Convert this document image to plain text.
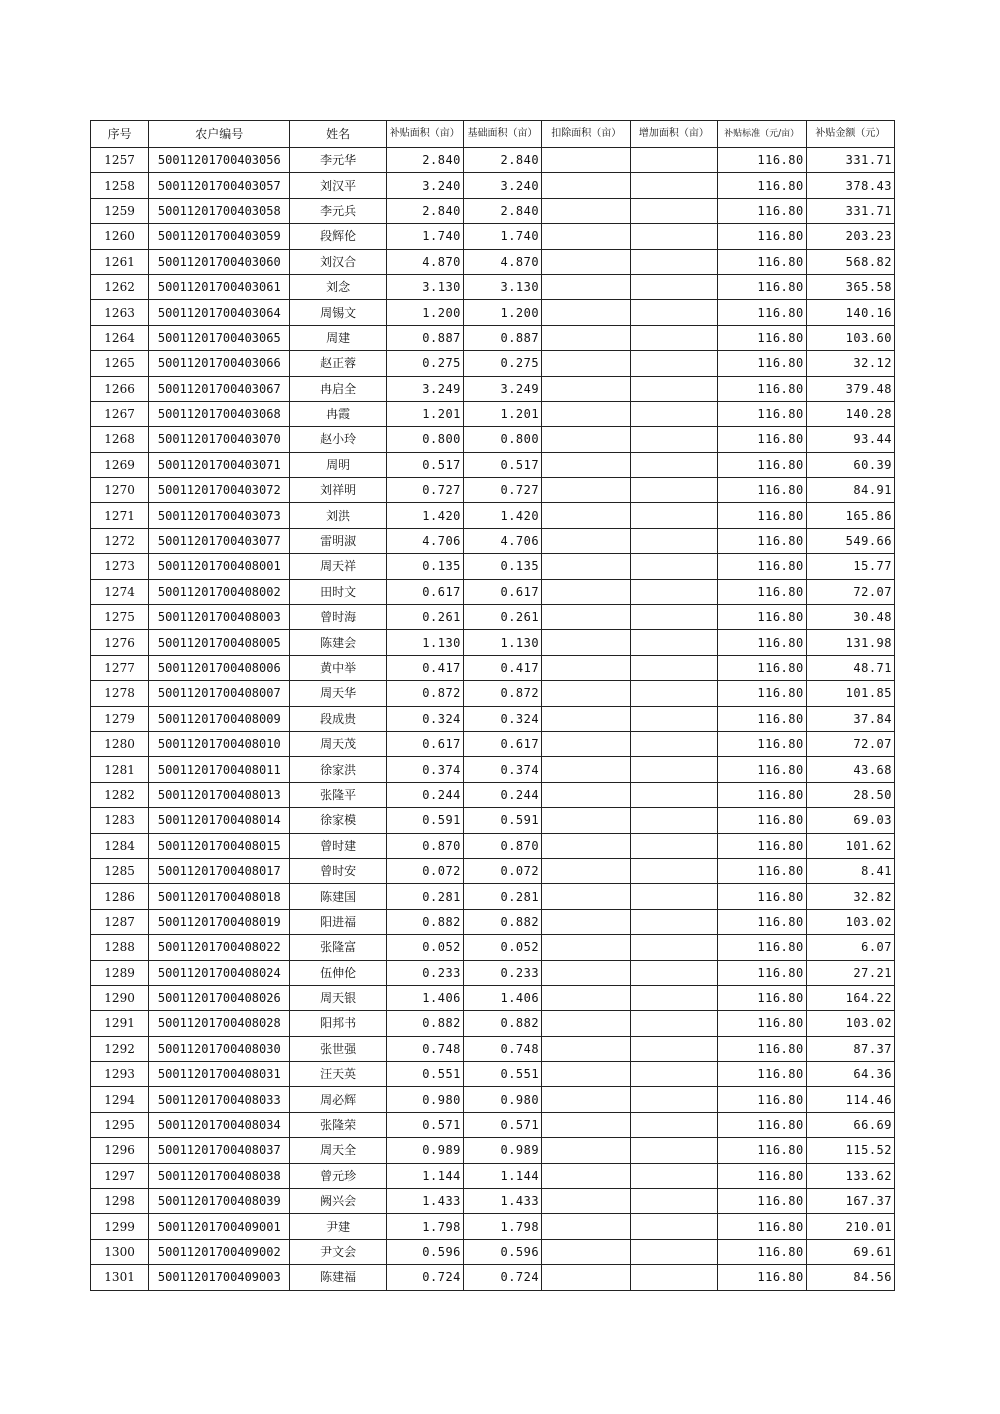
序号	农户编号	姓名	补贴面积（亩）	基础面积（亩）	扣除面积（亩）	增加面积（亩）	补贴标准（元/亩）	补贴金额（元）
1257	50011201700403056	李元华	2.840	2.840			116.80	331.71
1258	50011201700403057	刘汉平	3.240	3.240			116.80	378.43
1259	50011201700403058	李元兵	2.840	2.840			116.80	331.71
1260	50011201700403059	段辉伦	1.740	1.740			116.80	203.23
1261	50011201700403060	刘汉合	4.870	4.870			116.80	568.82
1262	50011201700403061	刘念	3.130	3.130			116.80	365.58
1263	50011201700403064	周锡文	1.200	1.200			116.80	140.16
1264	50011201700403065	周建	0.887	0.887			116.80	103.60
1265	50011201700403066	赵正蓉	0.275	0.275			116.80	32.12
1266	50011201700403067	冉启全	3.249	3.249			116.80	379.48
1267	50011201700403068	冉霞	1.201	1.201			116.80	140.28
1268	50011201700403070	赵小玲	0.800	0.800			116.80	93.44
1269	50011201700403071	周明	0.517	0.517			116.80	60.39
1270	50011201700403072	刘祥明	0.727	0.727			116.80	84.91
1271	50011201700403073	刘洪	1.420	1.420			116.80	165.86
1272	50011201700403077	雷明淑	4.706	4.706			116.80	549.66
1273	50011201700408001	周天祥	0.135	0.135			116.80	15.77
1274	50011201700408002	田时文	0.617	0.617			116.80	72.07
1275	50011201700408003	曾时海	0.261	0.261			116.80	30.48
1276	50011201700408005	陈建会	1.130	1.130			116.80	131.98
1277	50011201700408006	黄中举	0.417	0.417			116.80	48.71
1278	50011201700408007	周天华	0.872	0.872			116.80	101.85
1279	50011201700408009	段成贵	0.324	0.324			116.80	37.84
1280	50011201700408010	周天茂	0.617	0.617			116.80	72.07
1281	50011201700408011	徐家洪	0.374	0.374			116.80	43.68
1282	50011201700408013	张隆平	0.244	0.244			116.80	28.50
1283	50011201700408014	徐家模	0.591	0.591			116.80	69.03
1284	50011201700408015	曾时建	0.870	0.870			116.80	101.62
1285	50011201700408017	曾时安	0.072	0.072			116.80	8.41
1286	50011201700408018	陈建国	0.281	0.281			116.80	32.82
1287	50011201700408019	阳进福	0.882	0.882			116.80	103.02
1288	50011201700408022	张隆富	0.052	0.052			116.80	6.07
1289	50011201700408024	伍伸伦	0.233	0.233			116.80	27.21
1290	50011201700408026	周天银	1.406	1.406			116.80	164.22
1291	50011201700408028	阳邦书	0.882	0.882			116.80	103.02
1292	50011201700408030	张世强	0.748	0.748			116.80	87.37
1293	50011201700408031	汪天英	0.551	0.551			116.80	64.36
1294	50011201700408033	周必辉	0.980	0.980			116.80	114.46
1295	50011201700408034	张隆荣	0.571	0.571			116.80	66.69
1296	50011201700408037	周天全	0.989	0.989			116.80	115.52
1297	50011201700408038	曾元珍	1.144	1.144			116.80	133.62
1298	50011201700408039	阙兴会	1.433	1.433			116.80	167.37
1299	50011201700409001	尹建	1.798	1.798			116.80	210.01
1300	50011201700409002	尹文会	0.596	0.596			116.80	69.61
1301	50011201700409003	陈建福	0.724	0.724			116.80	84.56
